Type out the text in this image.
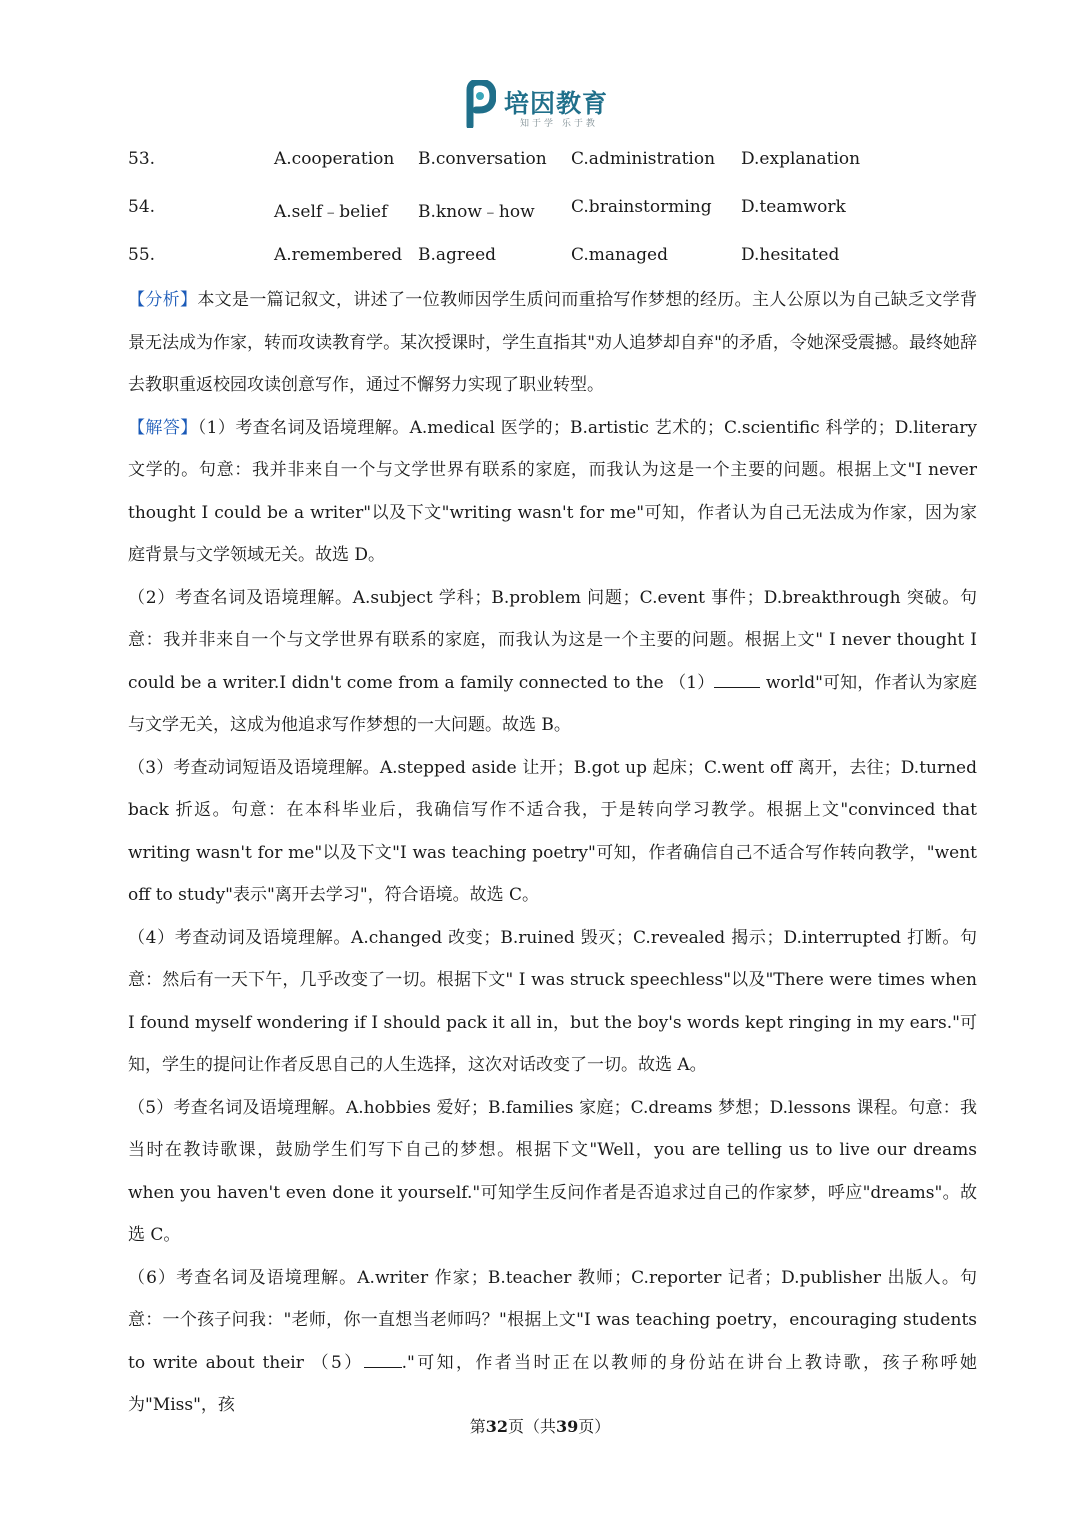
培因教育
知于学 乐于教
53.	A.cooperation B.conversation C.administration D.explanation
54.	A.self﹣belief B.know﹣how C.brainstorming D.teamwork
55.	A.remembered B.agreed	C.managed	D.hesitated

【分析】本文是一篇记叙文，讲述了一位教师因学生质问而重拾写作梦想的经历。主人公原以为自己缺乏文学背景无法成为作家，转而攻读教育学。某次授课时，学生直指其"劝人追梦却自弃"的矛盾，令她深受震撼。最终她辞去教职重返校园攻读创意写作，通过不懈努力实现了职业转型。

【解答】（1）考查名词及语境理解。A.medical 医学的；B.artistic 艺术的；C.scientific 科学的；D.literary 文学的。句意：我并非来自一个与文学世界有联系的家庭，而我认为这是一个主要的问题。根据上文"I never thought I could be a writer"以及下文"writing wasn't for me"可知，作者认为自己无法成为作家，因为家庭背景与文学领域无关。故选 D。

（2）考查名词及语境理解。A.subject 学科；B.problem 问题；C.event 事件；D.breakthrough 突破。句意：我并非来自一个与文学世界有联系的家庭，而我认为这是一个主要的问题。根据上文" I never thought I could be a writer.I didn't come from a family connected to the （1）	world"可知，作者认为家庭与文学无关，这成为他追求写作梦想的一大问题。故选 B。

（3）考查动词短语及语境理解。A.stepped aside 让开；B.got up 起床；C.went off 离开，去往；D.turned back 折返。句意：在本科毕业后，我确信写作不适合我，于是转向学习教学。根据上文"convinced that writing wasn't for me"以及下文"I was teaching poetry"可知，作者确信自己不适合写作转向教学，"went off to study"表示"离开去学习"，符合语境。故选 C。

（4）考查动词及语境理解。A.changed 改变；B.ruined 毁灭；C.revealed 揭示；D.interrupted 打断。句意：然后有一天下午，几乎改变了一切。根据下文" I was struck speechless"以及"There were times when I found myself wondering if I should pack it all in，but the boy's words kept ringing in my ears."可知，学生的提问让作者反思自己的人生选择，这次对话改变了一切。故选 A。

（5）考查名词及语境理解。A.hobbies 爱好；B.families 家庭；C.dreams 梦想；D.lessons 课程。句意：我当时在教诗歌课，鼓励学生们写下自己的梦想。根据下文"Well，you are telling us to live our dreams when you haven't even done it yourself."可知学生反问作者是否追求过自己的作家梦，呼应"dreams"。故选 C。

（6）考查名词及语境理解。A.writer 作家；B.teacher 教师；C.reporter 记者；D.publisher 出版人。句意：一个孩子问我："老师，你一直想当老师吗？"根据上文"I was teaching poetry，encouraging students to write about their （5） ."可知，作者当时正在以教师的身份站在讲台上教诗歌，孩子称呼她为"Miss"，孩

第32页（共39页）
